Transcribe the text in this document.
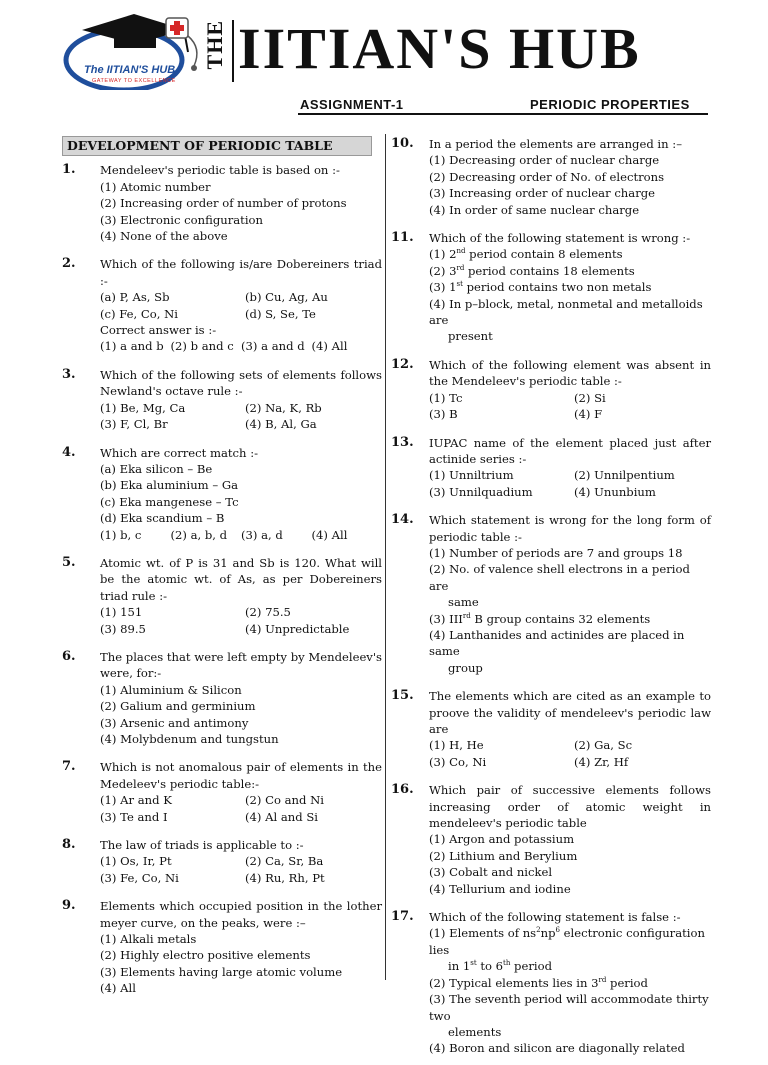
The IITIAN'S HUB
GATEWAY TO EXCELLENCE
THE IITIAN'S HUB
ASSIGNMENT-1	PERIODIC PROPERTIES
DEVELOPMENT OF PERIODIC TABLE
1. Mendeleev's periodic table is based on :-
(1) Atomic number
(2) Increasing order of number of protons
(3) Electronic configuration
(4) None of the above
2. Which of the following is/are Dobereiners triad :-
(a) P, As, Sb	(b) Cu, Ag, Au
(c) Fe, Co, Ni	(d) S, Se, Te
Correct answer is :-
(1) a and b (2) b and c (3) a and d (4) All
3. Which of the following sets of elements follows Newland's octave rule :-
(1) Be, Mg, Ca	(2) Na, K, Rb
(3) F, Cl, Br	(4) B, Al, Ga
4. Which are correct match :-
(a) Eka silicon – Be
(b) Eka aluminium – Ga
(c) Eka mangenese – Tc
(d) Eka scandium – B
(1) b, c	(2) a, b, d	(3) a, d	(4) All
5. Atomic wt. of P is 31 and Sb is 120. What will be the atomic wt. of As, as per Dobereiners triad rule :-
(1) 151	(2) 75.5
(3) 89.5	(4) Unpredictable
6. The places that were left empty by Mendeleev's were, for:-
(1) Aluminium & Silicon
(2) Galium and germinium
(3) Arsenic and antimony
(4) Molybdenum and tungstun
7. Which is not anomalous pair of elements in the Medeleev's periodic table:-
(1) Ar and K	(2) Co and Ni
(3) Te and I	(4) Al and Si
8. The law of triads is applicable to :-
(1) Os, Ir, Pt	(2) Ca, Sr, Ba
(3) Fe, Co, Ni	(4) Ru, Rh, Pt
9. Elements which occupied position in the lother meyer curve, on the peaks, were :–
(1) Alkali metals
(2) Highly electro positive elements
(3) Elements having large atomic volume
(4) All
10. In a period the elements are arranged in :–
(1) Decreasing order of nuclear charge
(2) Decreasing order of No. of electrons
(3) Increasing order of nuclear charge
(4) In order of same nuclear charge
11. Which of the following statement is wrong :-
(1) 2nd period contain 8 elements
(2) 3rd period contains 18 elements
(3) 1st period contains two non metals
(4) In p–block, metal, nonmetal and metalloids are
present
12. Which of the following element was absent in the Mendeleev's periodic table :-
(1) Tc	(2) Si
(3) B	(4) F
13. IUPAC name of the element placed just after actinide series :-
(1) Unniltrium	(2) Unnilpentium
(3) Unnilquadium	(4) Ununbium
14. Which statement is wrong for the long form of periodic table :-
(1) Number of periods are 7 and groups 18
(2) No. of valence shell electrons in a period are
same
(3) IIIrd B group contains 32 elements
(4) Lanthanides and actinides are placed in same
group
15. The elements which are cited as an example to proove the validity of mendeleev's periodic law are
(1) H, He	(2) Ga, Sc
(3) Co, Ni	(4) Zr, Hf
16. Which pair of successive elements follows increasing order of atomic weight in mendeleev's periodic table
(1) Argon and potassium
(2) Lithium and Berylium
(3) Cobalt and nickel
(4) Tellurium and iodine
17. Which of the following statement is false :-
(1) Elements of $ns^2np^6$ electronic configuration lies
in 1st to 6th period
(2) Typical elements lies in 3rd period
(3) The seventh period will accommodate thirty two
elements
(4) Boron and silicon are diagonally related
